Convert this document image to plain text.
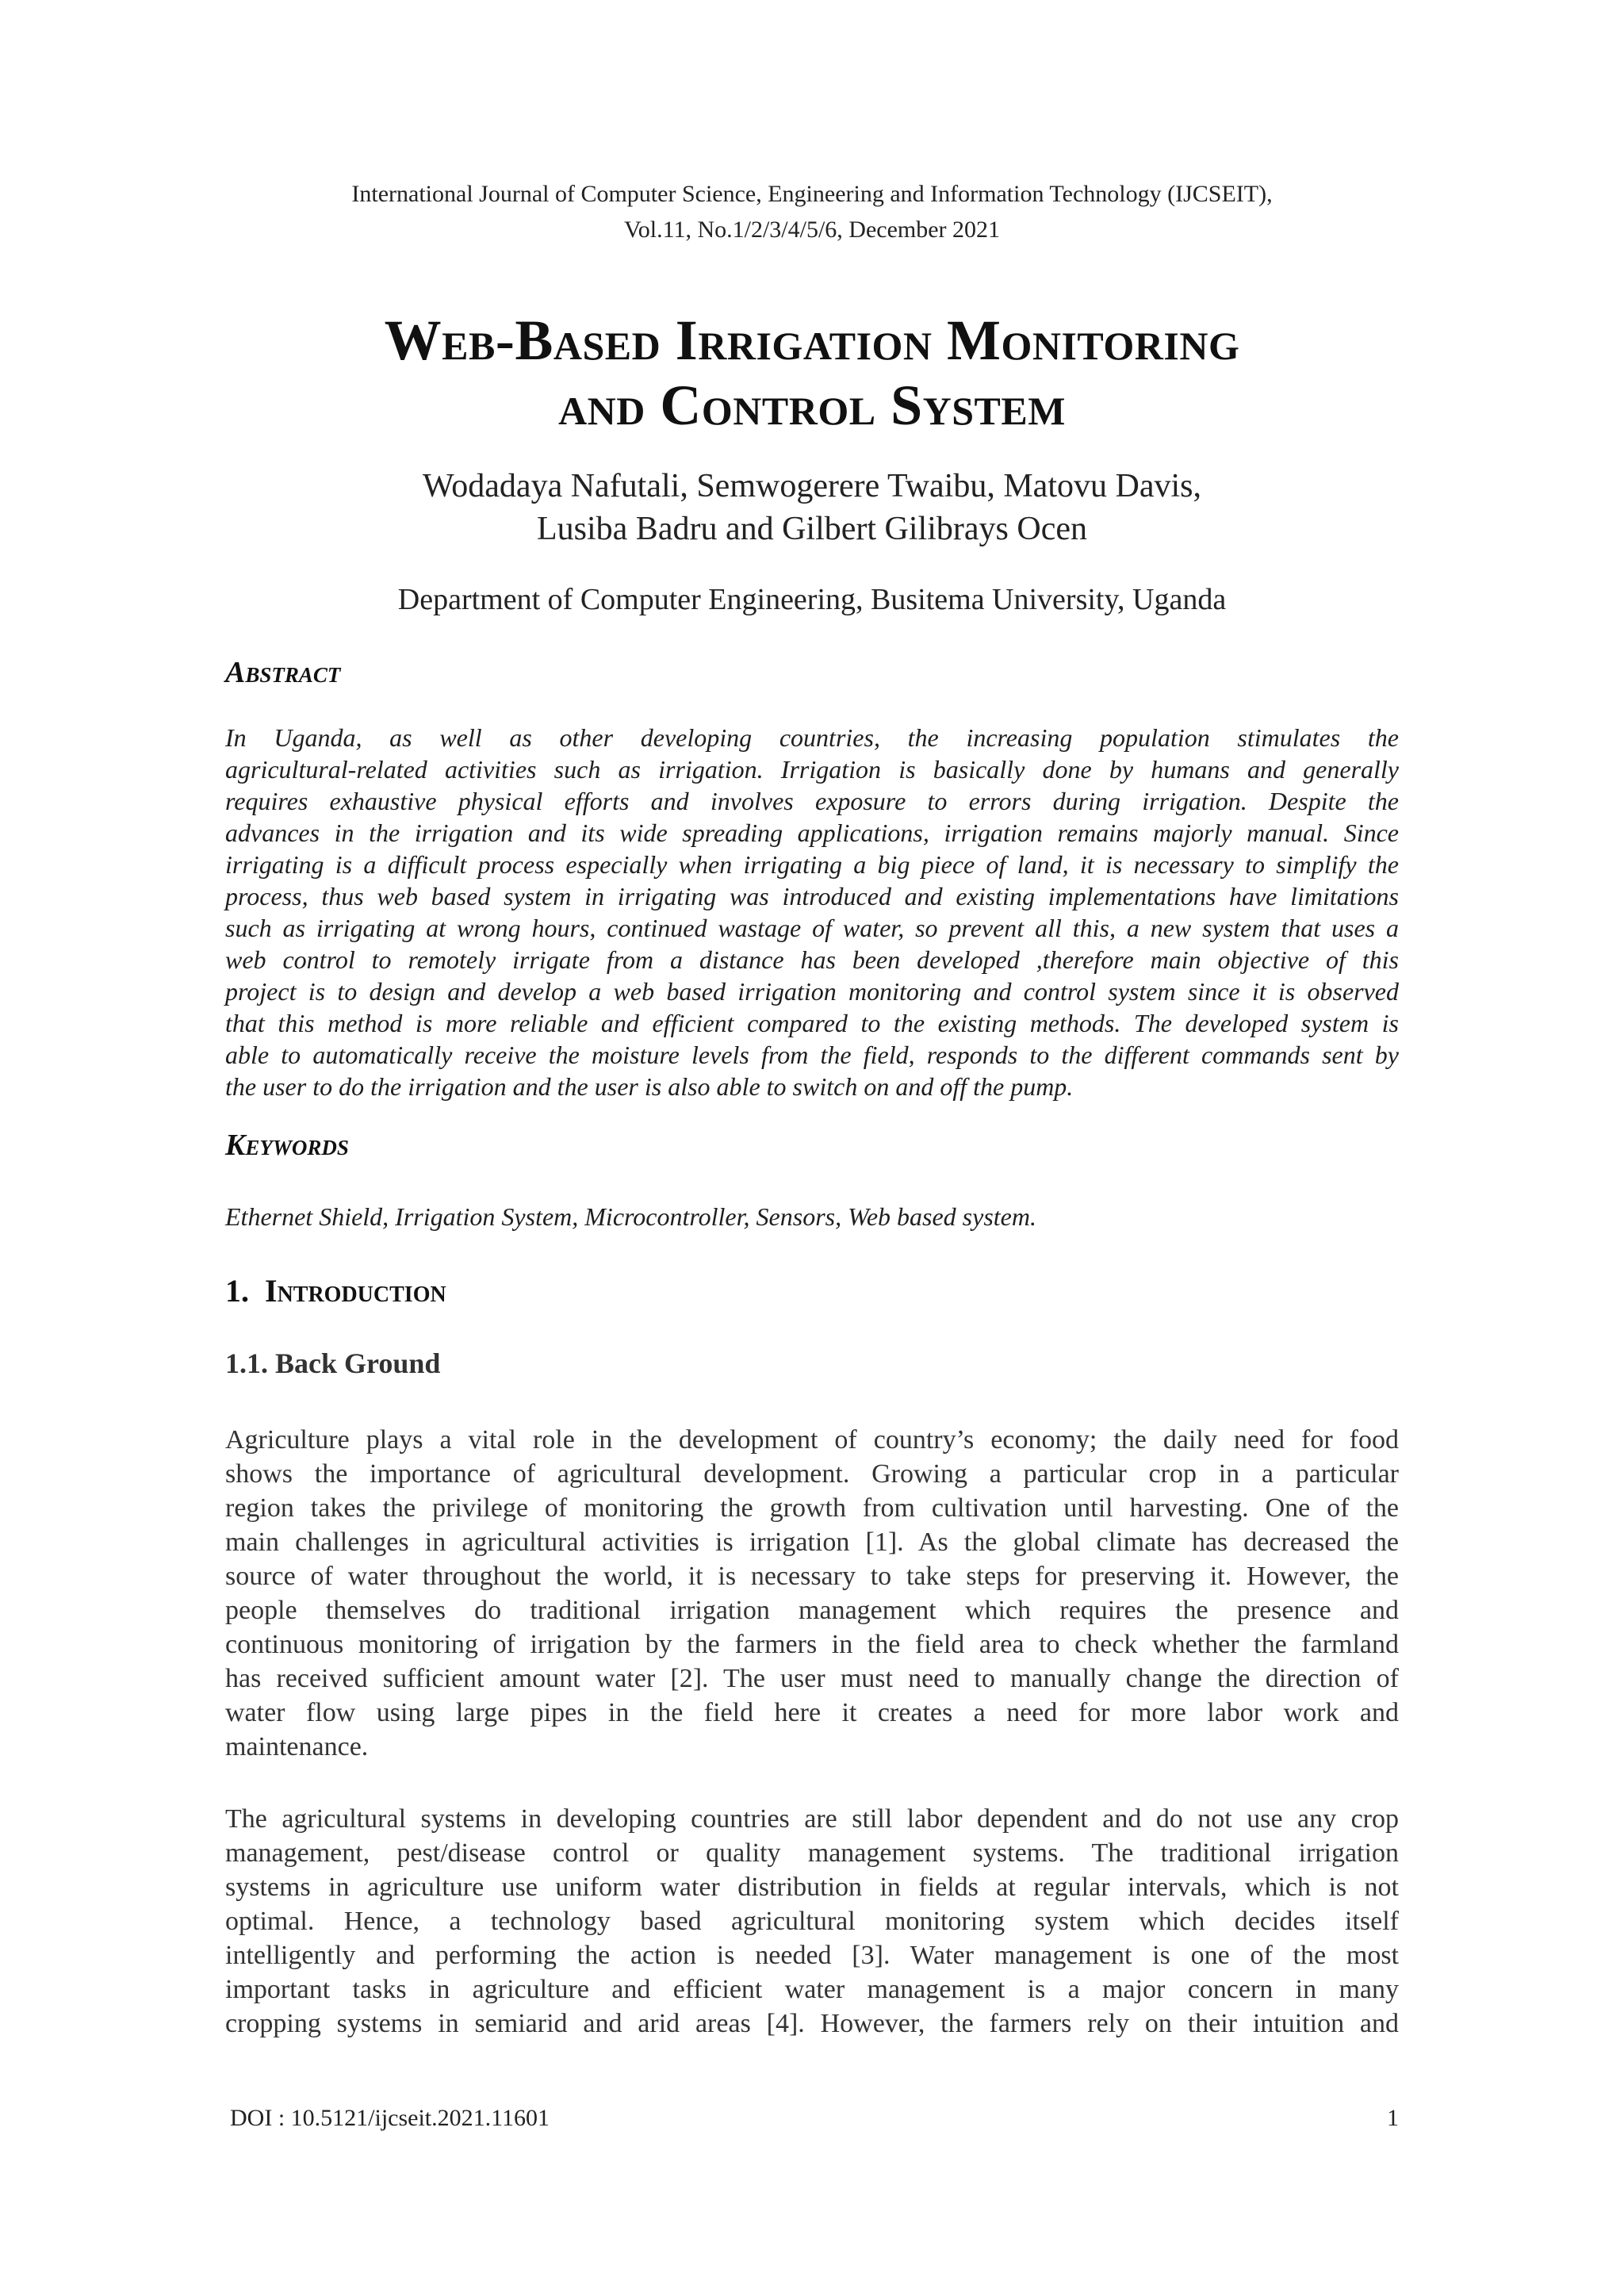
International Journal of Computer Science, Engineering and Information Technology (IJCSEIT),
Vol.11, No.1/2/3/4/5/6, December 2021
Web-Based Irrigation Monitoring
and Control System
Wodadaya Nafutali, Semwogerere Twaibu, Matovu Davis,
Lusiba Badru and Gilbert Gilibrays Ocen
Department of Computer Engineering, Busitema University, Uganda
Abstract
In Uganda, as well as other developing countries, the increasing population stimulates the
agricultural-related activities such as irrigation. Irrigation is basically done by humans and generally
requires exhaustive physical efforts and involves exposure to errors during irrigation. Despite the
advances in the irrigation and its wide spreading applications, irrigation remains majorly manual. Since
irrigating is a difficult process especially when irrigating a big piece of land, it is necessary to simplify the
process, thus web based system in irrigating was introduced and existing implementations have limitations
such as irrigating at wrong hours, continued wastage of water, so prevent all this, a new system that uses a
web control to remotely irrigate from a distance has been developed ,therefore main objective of this
project is to design and develop a web based irrigation monitoring and control system since it is observed
that this method is more reliable and efficient compared to the existing methods. The developed system is
able to automatically receive the moisture levels from the field, responds to the different commands sent by
the user to do the irrigation and the user is also able to switch on and off the pump.
Keywords
Ethernet Shield, Irrigation System, Microcontroller, Sensors, Web based system.
1. Introduction
1.1. Back Ground
Agriculture plays a vital role in the development of country’s economy; the daily need for food
shows the importance of agricultural development. Growing a particular crop in a particular
region takes the privilege of monitoring the growth from cultivation until harvesting. One of the
main challenges in agricultural activities is irrigation [1]. As the global climate has decreased the
source of water throughout the world, it is necessary to take steps for preserving it. However, the
people themselves do traditional irrigation management which requires the presence and
continuous monitoring of irrigation by the farmers in the field area to check whether the farmland
has received sufficient amount water [2]. The user must need to manually change the direction of
water flow using large pipes in the field here it creates a need for more labor work and
maintenance.
The agricultural systems in developing countries are still labor dependent and do not use any crop
management, pest/disease control or quality management systems. The traditional irrigation
systems in agriculture use uniform water distribution in fields at regular intervals, which is not
optimal. Hence, a technology based agricultural monitoring system which decides itself
intelligently and performing the action is needed [3]. Water management is one of the most
important tasks in agriculture and efficient water management is a major concern in many
cropping systems in semiarid and arid areas [4]. However, the farmers rely on their intuition and
DOI : 10.5121/ijcseit.2021.11601	1
